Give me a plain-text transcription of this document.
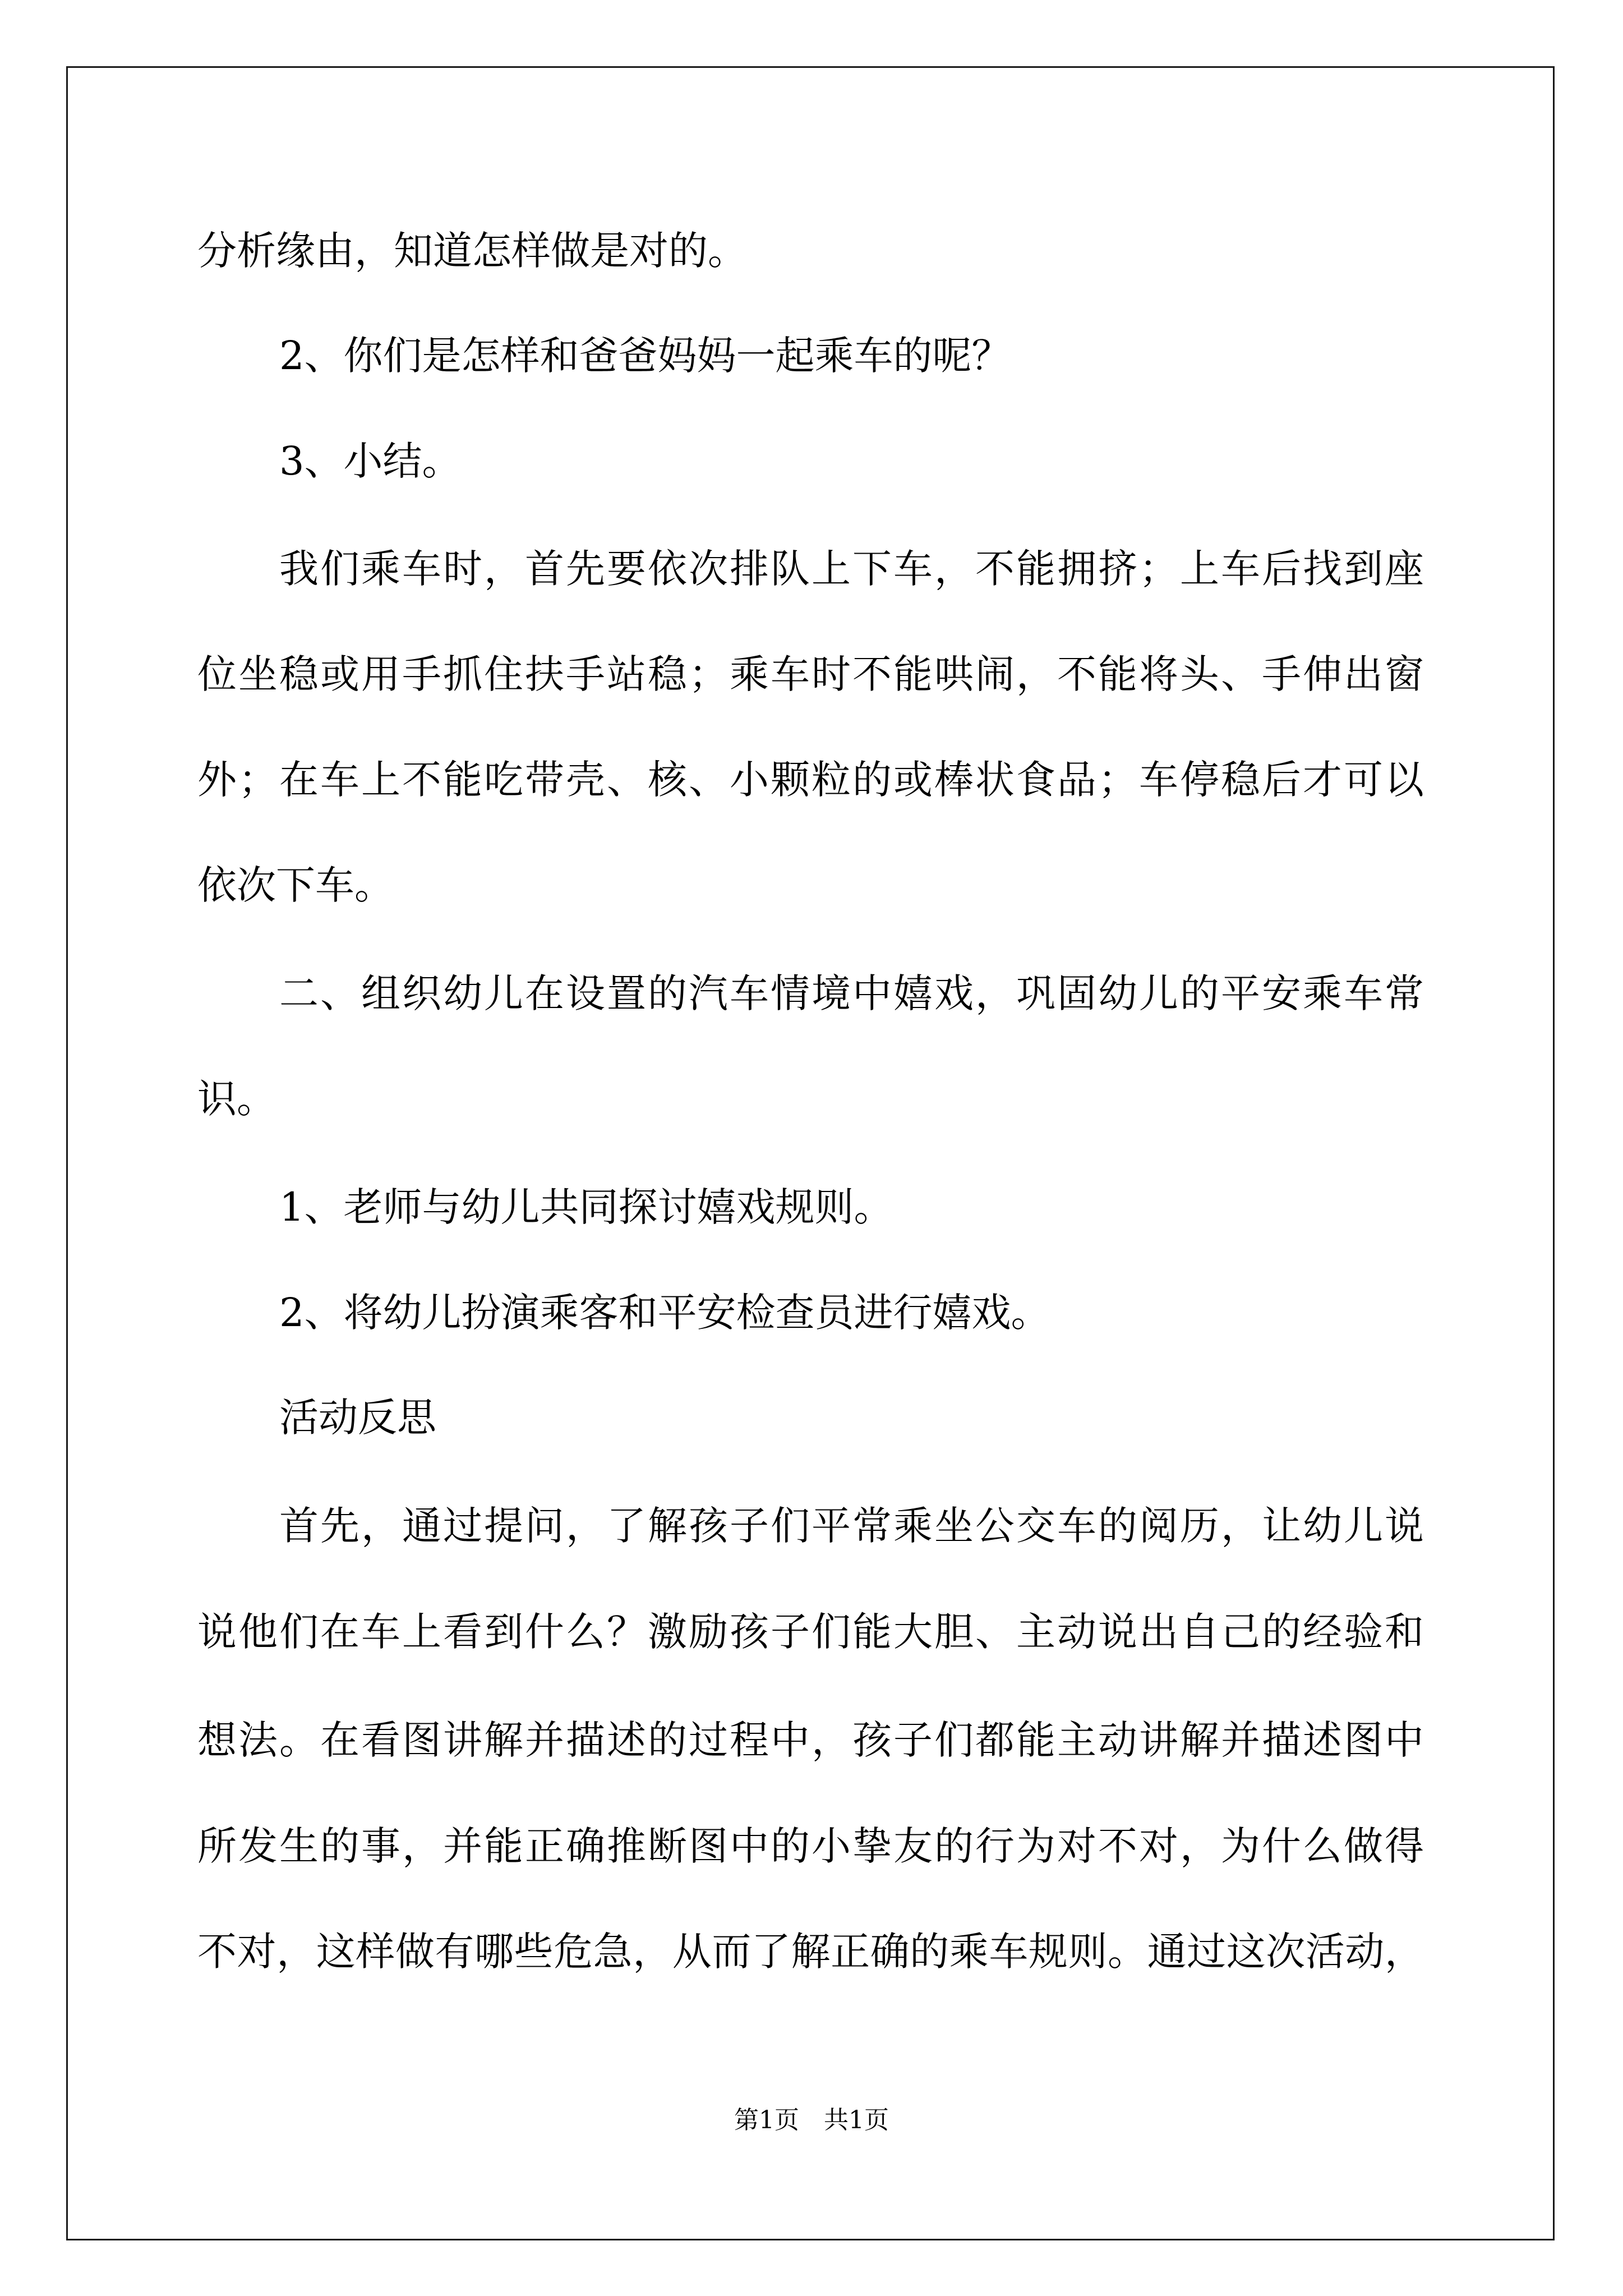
分析缘由，知道怎样做是对的。
2、你们是怎样和爸爸妈妈一起乘车的呢？
3、小结。
我们乘车时，首先要依次排队上下车，不能拥挤；上车后找到座
位坐稳或用手抓住扶手站稳；乘车时不能哄闹，不能将头、手伸出窗
外；在车上不能吃带壳、核、小颗粒的或棒状食品；车停稳后才可以
依次下车。
二、组织幼儿在设置的汽车情境中嬉戏，巩固幼儿的平安乘车常
识。
1、老师与幼儿共同探讨嬉戏规则。
2、将幼儿扮演乘客和平安检查员进行嬉戏。
活动反思
首先，通过提问，了解孩子们平常乘坐公交车的阅历，让幼儿说
说他们在车上看到什么？激励孩子们能大胆、主动说出自己的经验和
想法。在看图讲解并描述的过程中，孩子们都能主动讲解并描述图中
所发生的事，并能正确推断图中的小挚友的行为对不对，为什么做得
不对，这样做有哪些危急，从而了解正确的乘车规则。通过这次活动，
第1页　共1页
